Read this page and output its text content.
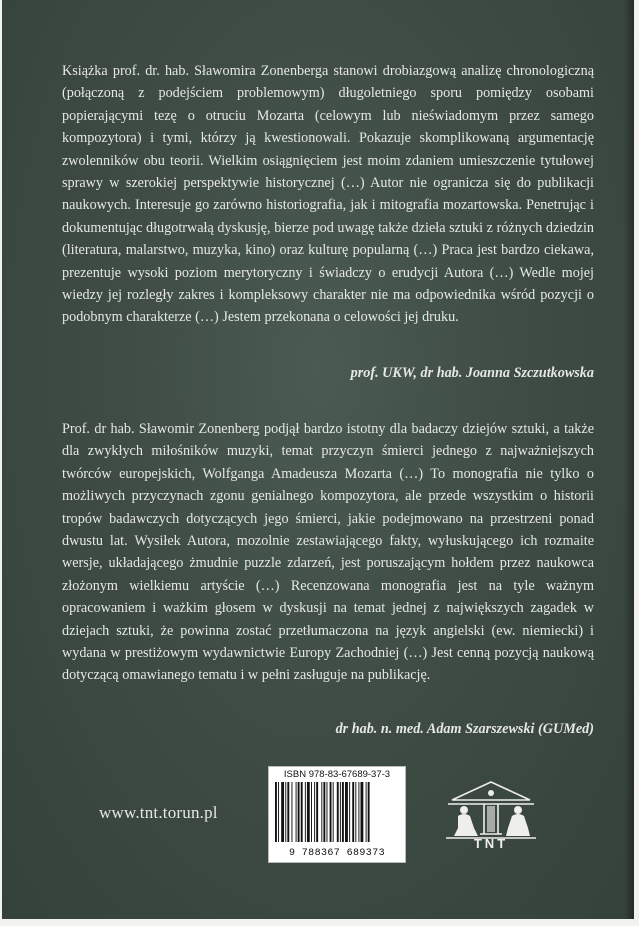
Książka prof. dr. hab. Sławomira Zonenberga stanowi drobiazgową analizę chronologiczną (połączoną z podejściem problemowym) długoletniego sporu pomiędzy osobami popierającymi tezę o otruciu Mozarta (celowym lub nieświadomym przez samego kompozytora) i tymi, którzy ją kwestionowali. Pokazuje skomplikowaną argumentację zwolenników obu teorii. Wielkim osiągnięciem jest moim zdaniem umieszczenie tytułowej sprawy w szerokiej perspektywie historycznej (…) Autor nie ogranicza się do publikacji naukowych. Interesuje go zarówno historiografia, jak i mitografia mozartowska. Penetrując i dokumentując długotrwałą dyskusję, bierze pod uwagę także dzieła sztuki z różnych dziedzin (literatura, malarstwo, muzyka, kino) oraz kulturę popularną (…) Praca jest bardzo ciekawa, prezentuje wysoki poziom merytoryczny i świadczy o erudycji Autora (…) Wedle mojej wiedzy jej rozległy zakres i kompleksowy charakter nie ma odpowiednika wśród pozycji o podobnym charakterze (…) Jestem przekonana o celowości jej druku.

prof. UKW, dr hab. Joanna Szczutkowska

Prof. dr hab. Sławomir Zonenberg podjął bardzo istotny dla badaczy dziejów sztuki, a także dla zwykłych miłośników muzyki, temat przyczyn śmierci jednego z najważniejszych twórców europejskich, Wolfganga Amadeusza Mozarta (…) To monografia nie tylko o możliwych przyczynach zgonu genialnego kompozytora, ale przede wszystkim o historii tropów badawczych dotyczących jego śmierci, jakie podejmowano na przestrzeni ponad dwustu lat. Wysiłek Autora, mozolnie zestawiającego fakty, wyłuskującego ich rozmaite wersje, układającego żmudnie puzzle zdarzeń, jest poruszającym hołdem przez naukowca złożonym wielkiemu artyście (…) Recenzowana monografia jest na tyle ważnym opracowaniem i ważkim głosem w dyskusji na temat jednej z największych zagadek w dziejach sztuki, że powinna zostać przetłumaczona na język angielski (ew. niemiecki) i wydana w prestiżowym wydawnictwie Europy Zachodniej (…) Jest cenną pozycją naukową dotyczącą omawianego tematu i w pełni zasługuje na publikację.

dr hab. n. med. Adam Szarszewski (GUMed)

www.tnt.torun.pl
ISBN 978-83-67689-37-3
9 788367 689373
TNT
